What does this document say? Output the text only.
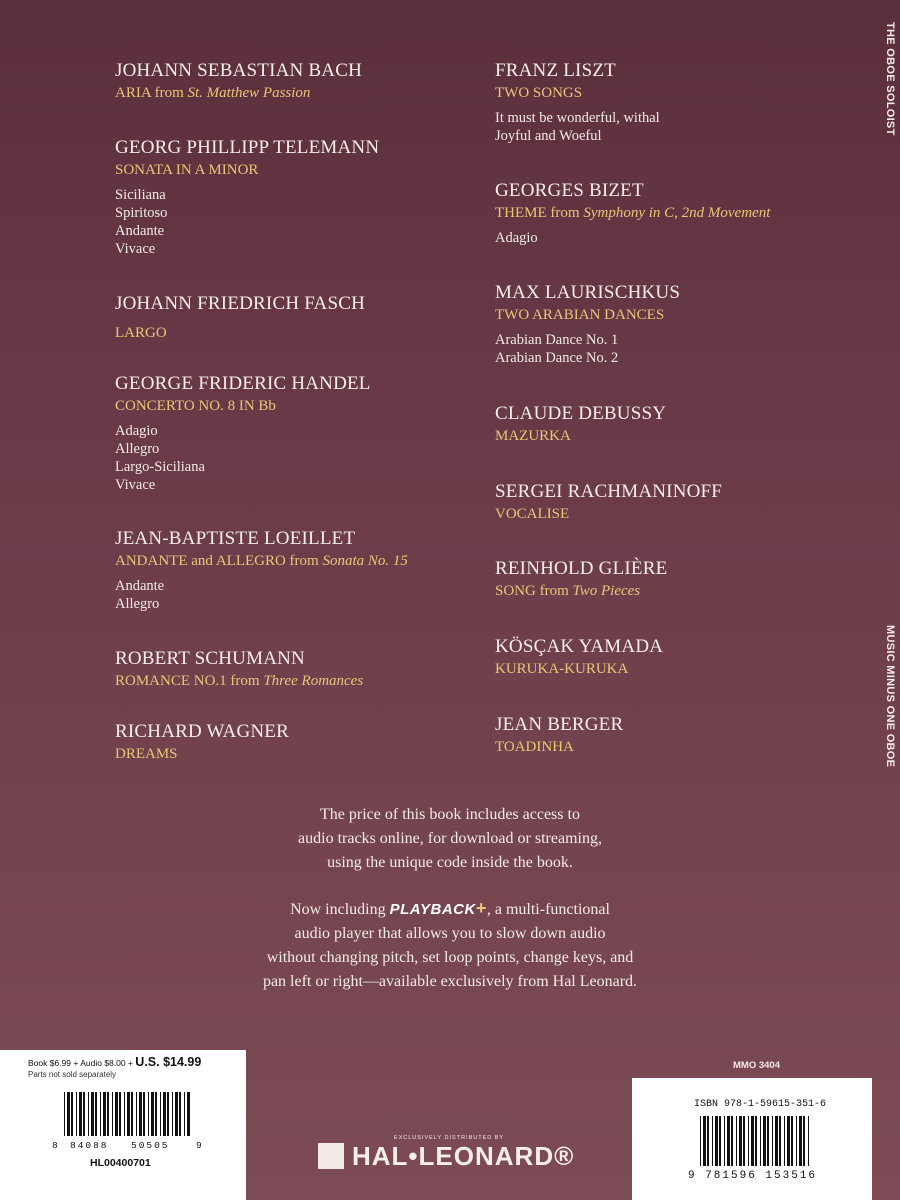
JOHANN SEBASTIAN BACH
ARIA from St. Matthew Passion
GEORG PHILLIPP TELEMANN
SONATA IN A MINOR
Siciliana
Spiritoso
Andante
Vivace
JOHANN FRIEDRICH FASCH
LARGO
GEORGE FRIDERIC HANDEL
CONCERTO NO. 8 IN Bb
Adagio
Allegro
Largo-Siciliana
Vivace
JEAN-BAPTISTE LOEILLET
ANDANTE and ALLEGRO from Sonata No. 15
Andante
Allegro
ROBERT SCHUMANN
ROMANCE NO.1 from Three Romances
RICHARD WAGNER
DREAMS
FRANZ LISZT
TWO SONGS
It must be wonderful, withal
Joyful and Woeful
GEORGES BIZET
THEME from Symphony in C, 2nd Movement
Adagio
MAX LAURISCHKUS
TWO ARABIAN DANCES
Arabian Dance No. 1
Arabian Dance No. 2
CLAUDE DEBUSSY
MAZURKA
SERGEI RACHMANINOFF
VOCALISE
REINHOLD GLIÈRE
SONG from Two Pieces
KÖSÇAK YAMADA
KURUKA-KURUKA
JEAN BERGER
TOADINHA

The price of this book includes access to

audio tracks online, for download or streaming,

using the unique code inside the book.

Now including PLAYBACK+, a multi-functional

audio player that allows you to slow down audio

without changing pitch, set loop points, change keys, and

pan left or right—available exclusively from Hal Leonard.

THE OBOE SOLOIST
MUSIC MINUS ONE OBOE
MMO 3404
Book $6.99 + Audio $8.00 + U.S. $14.99
Parts not sold separately
8 84088 50505	9
HL00400701
EXCLUSIVELY DISTRIBUTED BY
HAL•LEONARD®
ISBN 978-1-59615-351-6
9 781596 153516
